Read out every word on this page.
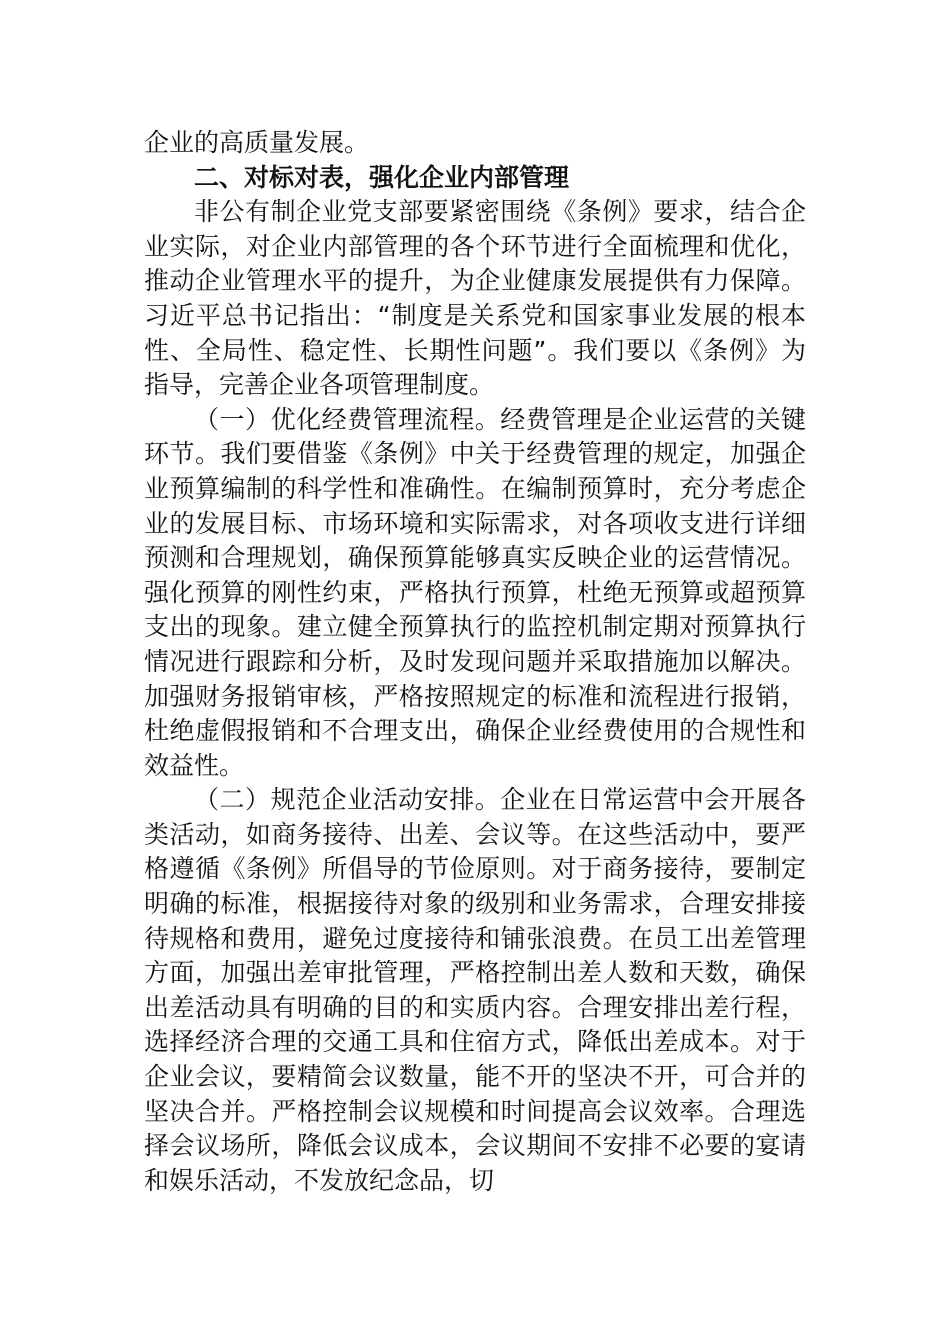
企业的高质量发展。

二、对标对表，强化企业内部管理

非公有制企业党支部要紧密围绕《条例》要求，结合企业实际，对企业内部管理的各个环节进行全面梳理和优化，推动企业管理水平的提升，为企业健康发展提供有力保障。习近平总书记指出：“制度是关系党和国家事业发展的根本性、全局性、稳定性、长期性问题”。我们要以《条例》为指导，完善企业各项管理制度。

（一）优化经费管理流程。经费管理是企业运营的关键环节。我们要借鉴《条例》中关于经费管理的规定，加强企业预算编制的科学性和准确性。在编制预算时，充分考虑企业的发展目标、市场环境和实际需求，对各项收支进行详细预测和合理规划，确保预算能够真实反映企业的运营情况。强化预算的刚性约束，严格执行预算，杜绝无预算或超预算支出的现象。建立健全预算执行的监控机制定期对预算执行情况进行跟踪和分析，及时发现问题并采取措施加以解决。加强财务报销审核，严格按照规定的标准和流程进行报销，杜绝虚假报销和不合理支出，确保企业经费使用的合规性和效益性。

（二）规范企业活动安排。企业在日常运营中会开展各类活动，如商务接待、出差、会议等。在这些活动中，要严格遵循《条例》所倡导的节俭原则。对于商务接待，要制定明确的标准，根据接待对象的级别和业务需求，合理安排接待规格和费用，避免过度接待和铺张浪费。在员工出差管理方面，加强出差审批管理，严格控制出差人数和天数，确保出差活动具有明确的目的和实质内容。合理安排出差行程，选择经济合理的交通工具和住宿方式，降低出差成本。对于企业会议，要精简会议数量，能不开的坚决不开，可合并的坚决合并。严格控制会议规模和时间提高会议效率。合理选择会议场所，降低会议成本，会议期间不安排不必要的宴请和娱乐活动，不发放纪念品，切
